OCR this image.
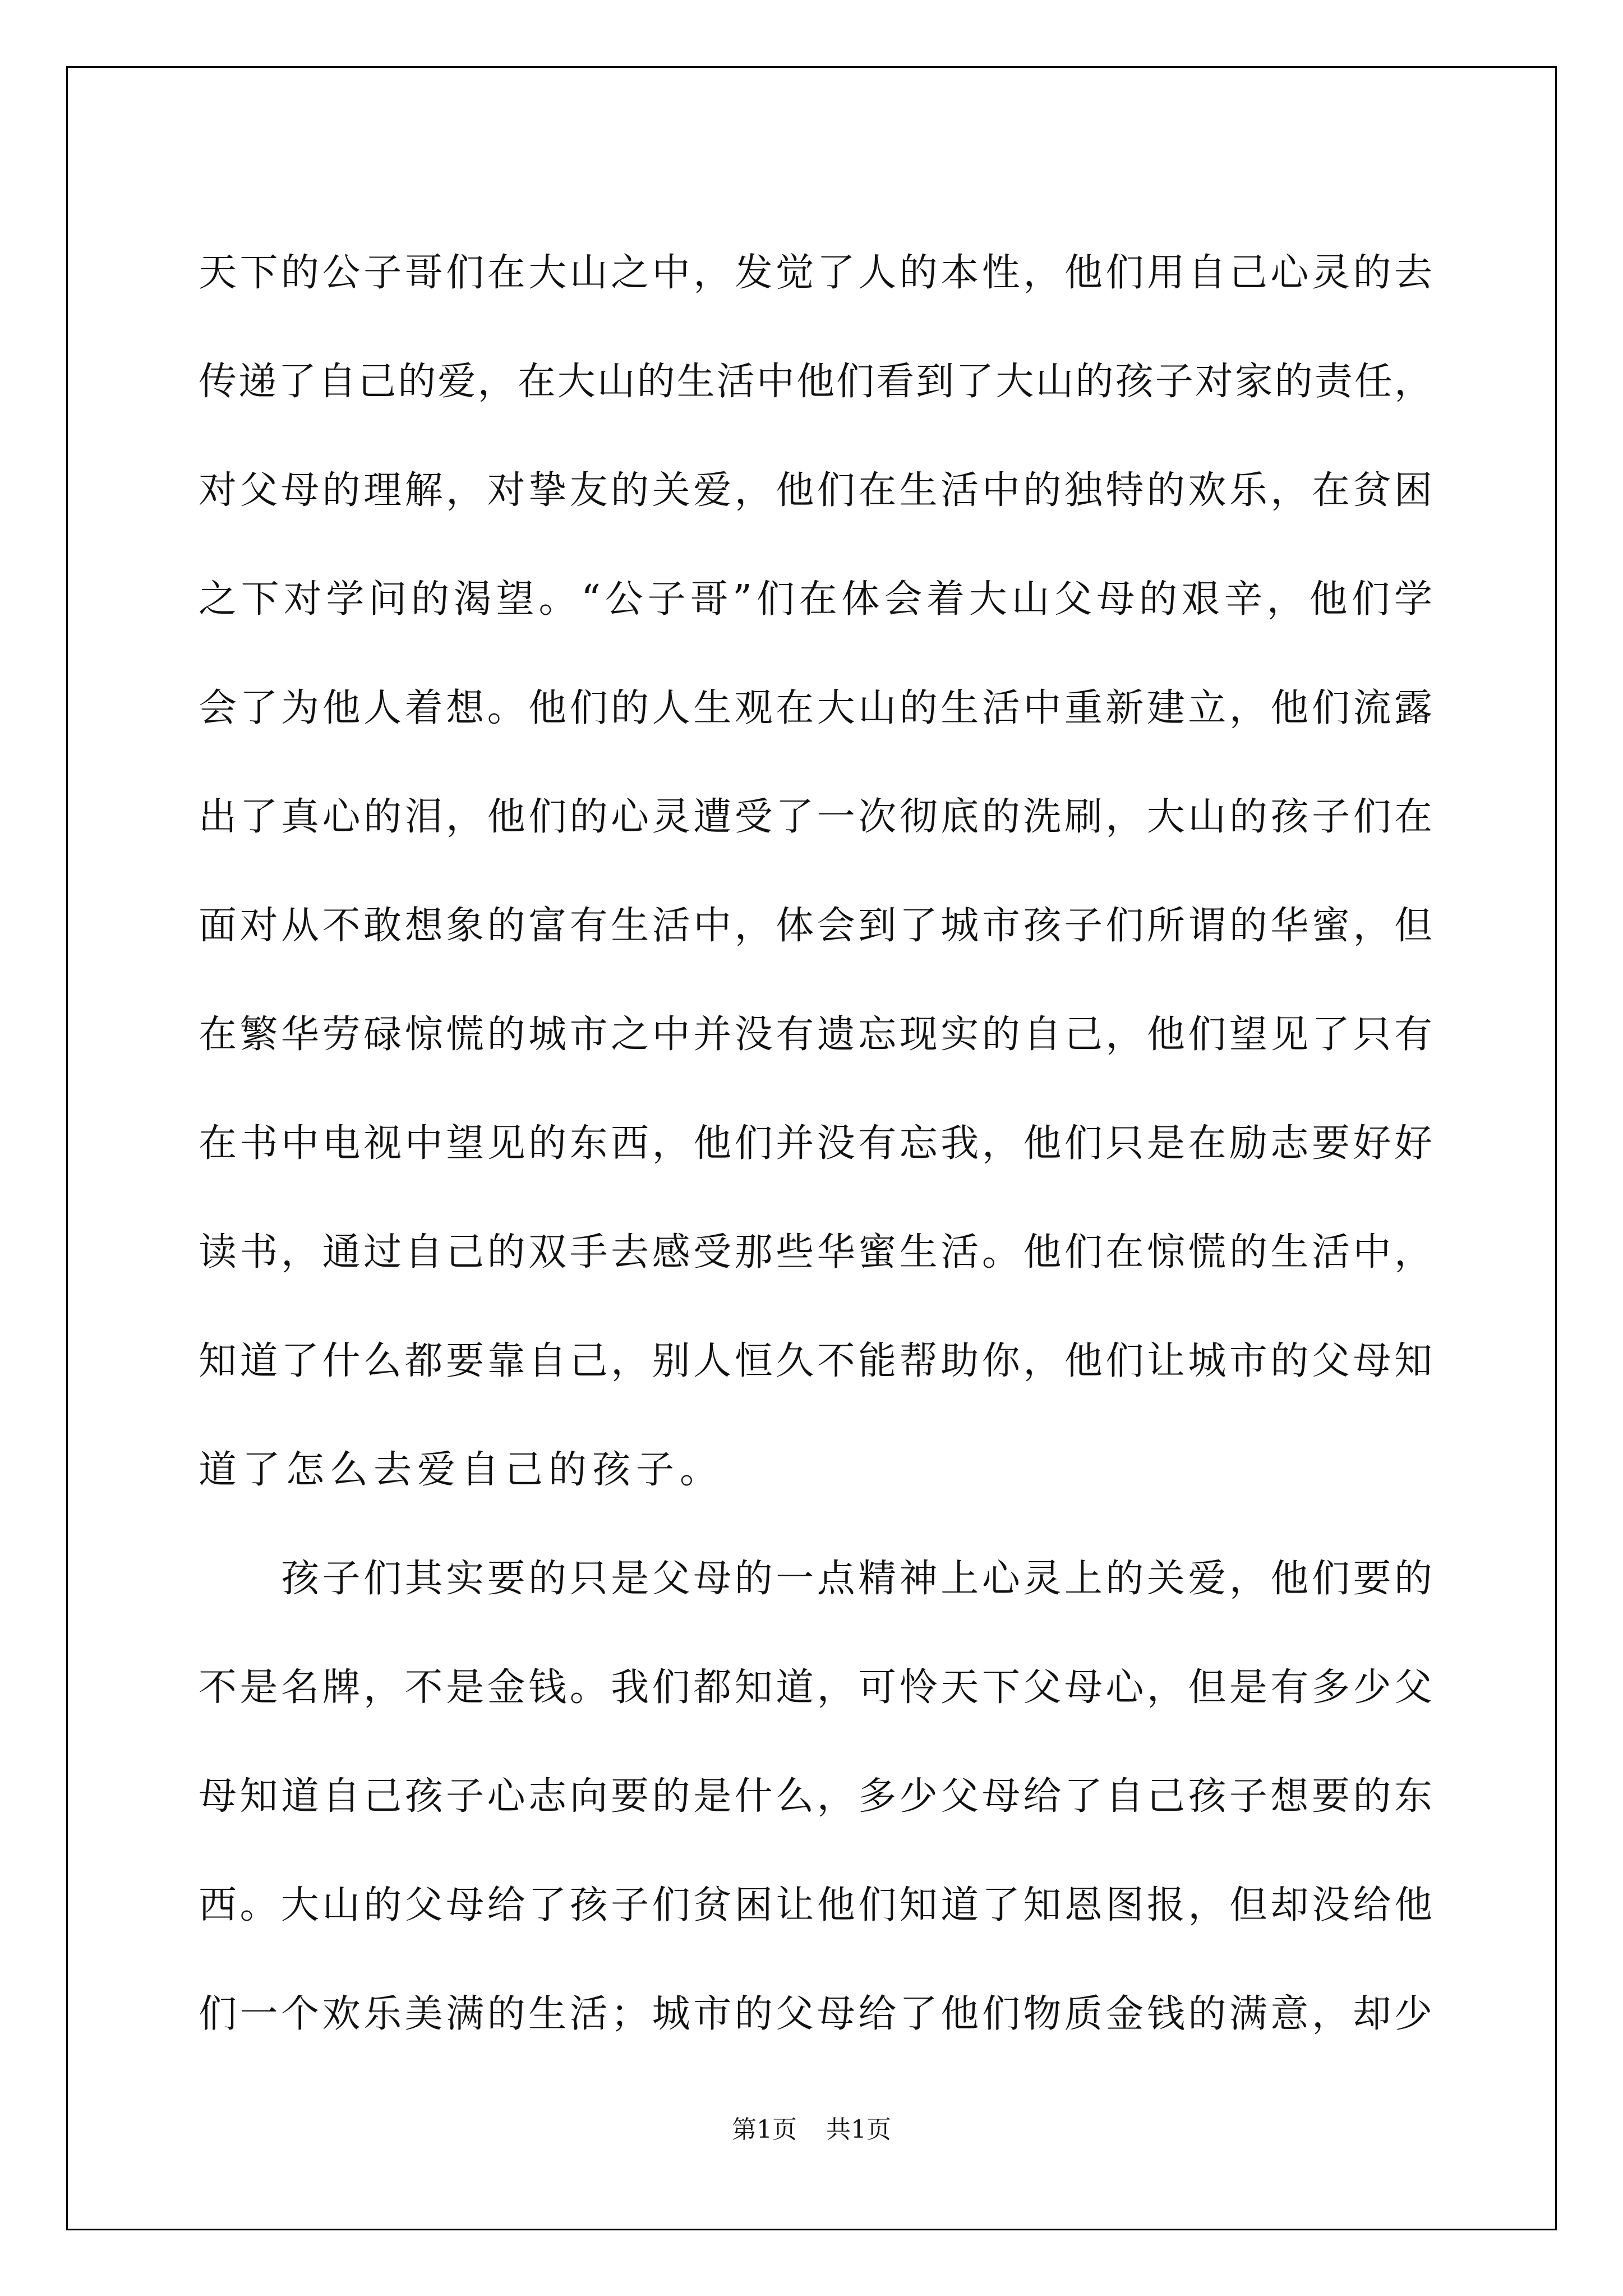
天下的公子哥们在大山之中，发觉了人的本性，他们用自己心灵的去
传递了自己的爱，在大山的生活中他们看到了大山的孩子对家的责任，
对父母的理解，对挚友的关爱，他们在生活中的独特的欢乐，在贫困
之下对学问的渴望。“公子哥”们在体会着大山父母的艰辛，他们学
会了为他人着想。他们的人生观在大山的生活中重新建立，他们流露
出了真心的泪，他们的心灵遭受了一次彻底的洗刷，大山的孩子们在
面对从不敢想象的富有生活中，体会到了城市孩子们所谓的华蜜，但
在繁华劳碌惊慌的城市之中并没有遗忘现实的自己，他们望见了只有
在书中电视中望见的东西，他们并没有忘我，他们只是在励志要好好
读书，通过自己的双手去感受那些华蜜生活。他们在惊慌的生活中，
知道了什么都要靠自己，别人恒久不能帮助你，他们让城市的父母知
道了怎么去爱自己的孩子。
　　孩子们其实要的只是父母的一点精神上心灵上的关爱，他们要的
不是名牌，不是金钱。我们都知道，可怜天下父母心，但是有多少父
母知道自己孩子心志向要的是什么，多少父母给了自己孩子想要的东
西。大山的父母给了孩子们贫困让他们知道了知恩图报，但却没给他
们一个欢乐美满的生活；城市的父母给了他们物质金钱的满意，却少
第1页 共1页
